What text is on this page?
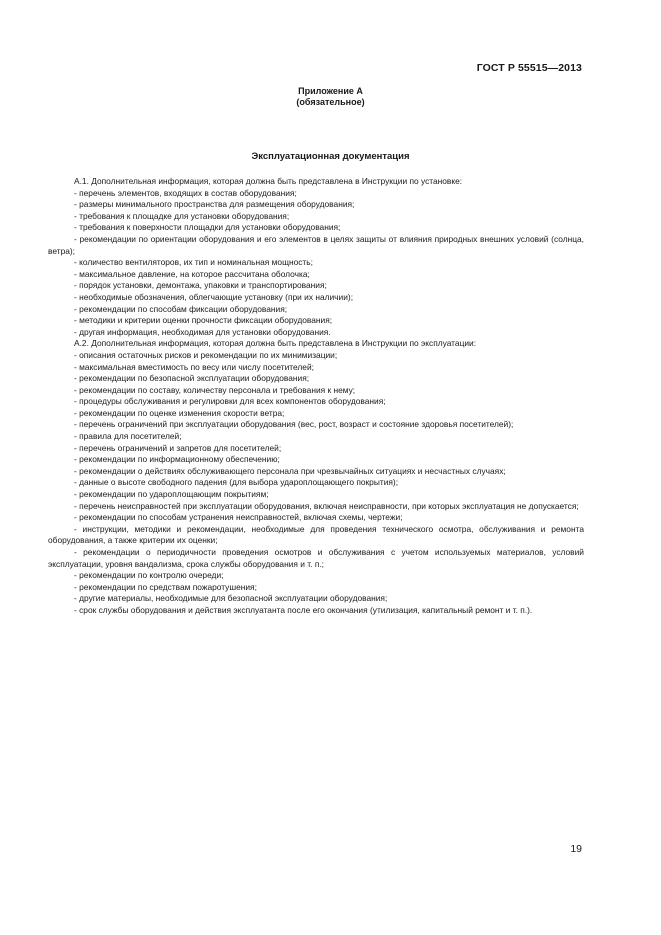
ГОСТ Р 55515—2013
Приложение А
(обязательное)
Эксплуатационная документация
А.1. Дополнительная информация, которая должна быть представлена в Инструкции по установке:
- перечень элементов, входящих в состав оборудования;
- размеры минимального пространства для размещения оборудования;
- требования к площадке для установки оборудования;
- требования к поверхности площадки для установки оборудования;
- рекомендации по ориентации оборудования и его элементов в целях защиты от влияния природных внешних условий (солнца, ветра);
- количество вентиляторов, их тип и номинальная мощность;
- максимальное давление, на которое рассчитана оболочка;
- порядок установки, демонтажа, упаковки и транспортирования;
- необходимые обозначения, облегчающие установку (при их наличии);
- рекомендации по способам фиксации оборудования;
- методики и критерии оценки прочности фиксации оборудования;
- другая информация, необходимая для установки оборудования.
А.2. Дополнительная информация, которая должна быть представлена в Инструкции по эксплуатации:
- описания остаточных рисков и рекомендации по их минимизации;
- максимальная вместимость по весу или числу посетителей;
- рекомендации по безопасной эксплуатации оборудования;
- рекомендации по составу, количеству персонала и требования к нему;
- процедуры обслуживания и регулировки для всех компонентов оборудования;
- рекомендации по оценке изменения скорости ветра;
- перечень ограничений при эксплуатации оборудования (вес, рост, возраст и состояние здоровья посетителей);
- правила для посетителей;
- перечень ограничений и запретов для посетителей;
- рекомендации по информационному обеспечению;
- рекомендации о действиях обслуживающего персонала при чрезвычайных ситуациях и несчастных случаях;
- данные о высоте свободного падения (для выбора удароплощающего покрытия);
- рекомендации по удароплощающим покрытиям;
- перечень неисправностей при эксплуатации оборудования, включая неисправности, при которых эксплуатация не допускается;
- рекомендации по способам устранения неисправностей, включая схемы, чертежи;
- инструкции, методики и рекомендации, необходимые для проведения технического осмотра, обслуживания и ремонта оборудования, а также критерии их оценки;
- рекомендации о периодичности проведения осмотров и обслуживания с учетом используемых материалов, условий эксплуатации, уровня вандализма, срока службы оборудования и т. п.;
- рекомендации по контролю очереди;
- рекомендации по средствам пожаротушения;
- другие материалы, необходимые для безопасной эксплуатации оборудования;
- срок службы оборудования и действия эксплуатанта после его окончания (утилизация, капитальный ремонт и т. п.).
19
